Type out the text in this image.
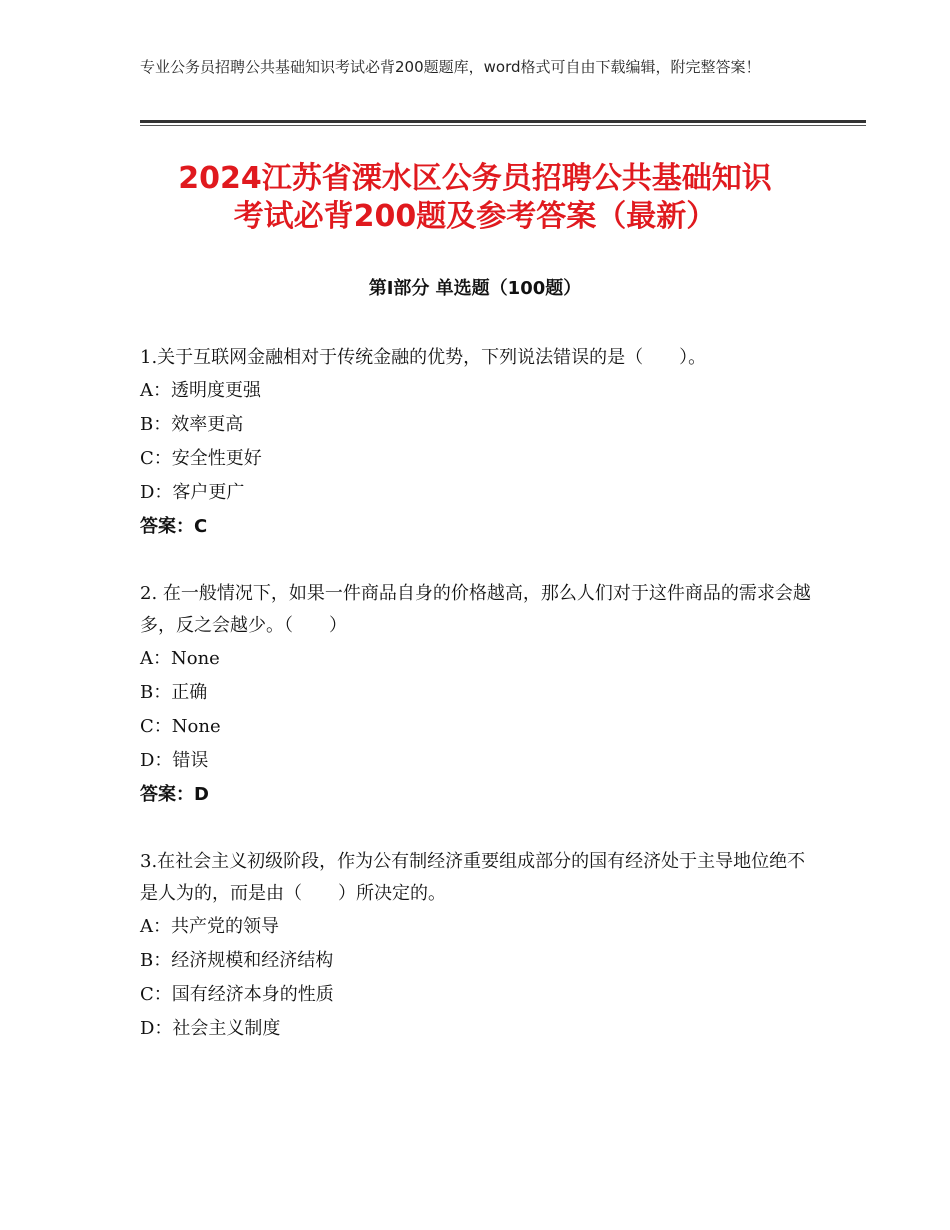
专业公务员招聘公共基础知识考试必背200题题库，word格式可自由下载编辑，附完整答案！
2024江苏省溧水区公务员招聘公共基础知识
考试必背200题及参考答案（最新）
第Ⅰ部分 单选题（100题）

1.关于互联网金融相对于传统金融的优势，下列说法错误的是（　　）。

A：透明度更强

B：效率更高

C：安全性更好

D：客户更广

答案：C

2. 在一般情况下，如果一件商品自身的价格越高，那么人们对于这件商品的需求会越多，反之会越少。（　　）

A：None

B：正确

C：None

D：错误

答案：D

3.在社会主义初级阶段，作为公有制经济重要组成部分的国有经济处于主导地位绝不是人为的，而是由（　　）所决定的。

A：共产党的领导

B：经济规模和经济结构

C：国有经济本身的性质

D：社会主义制度
